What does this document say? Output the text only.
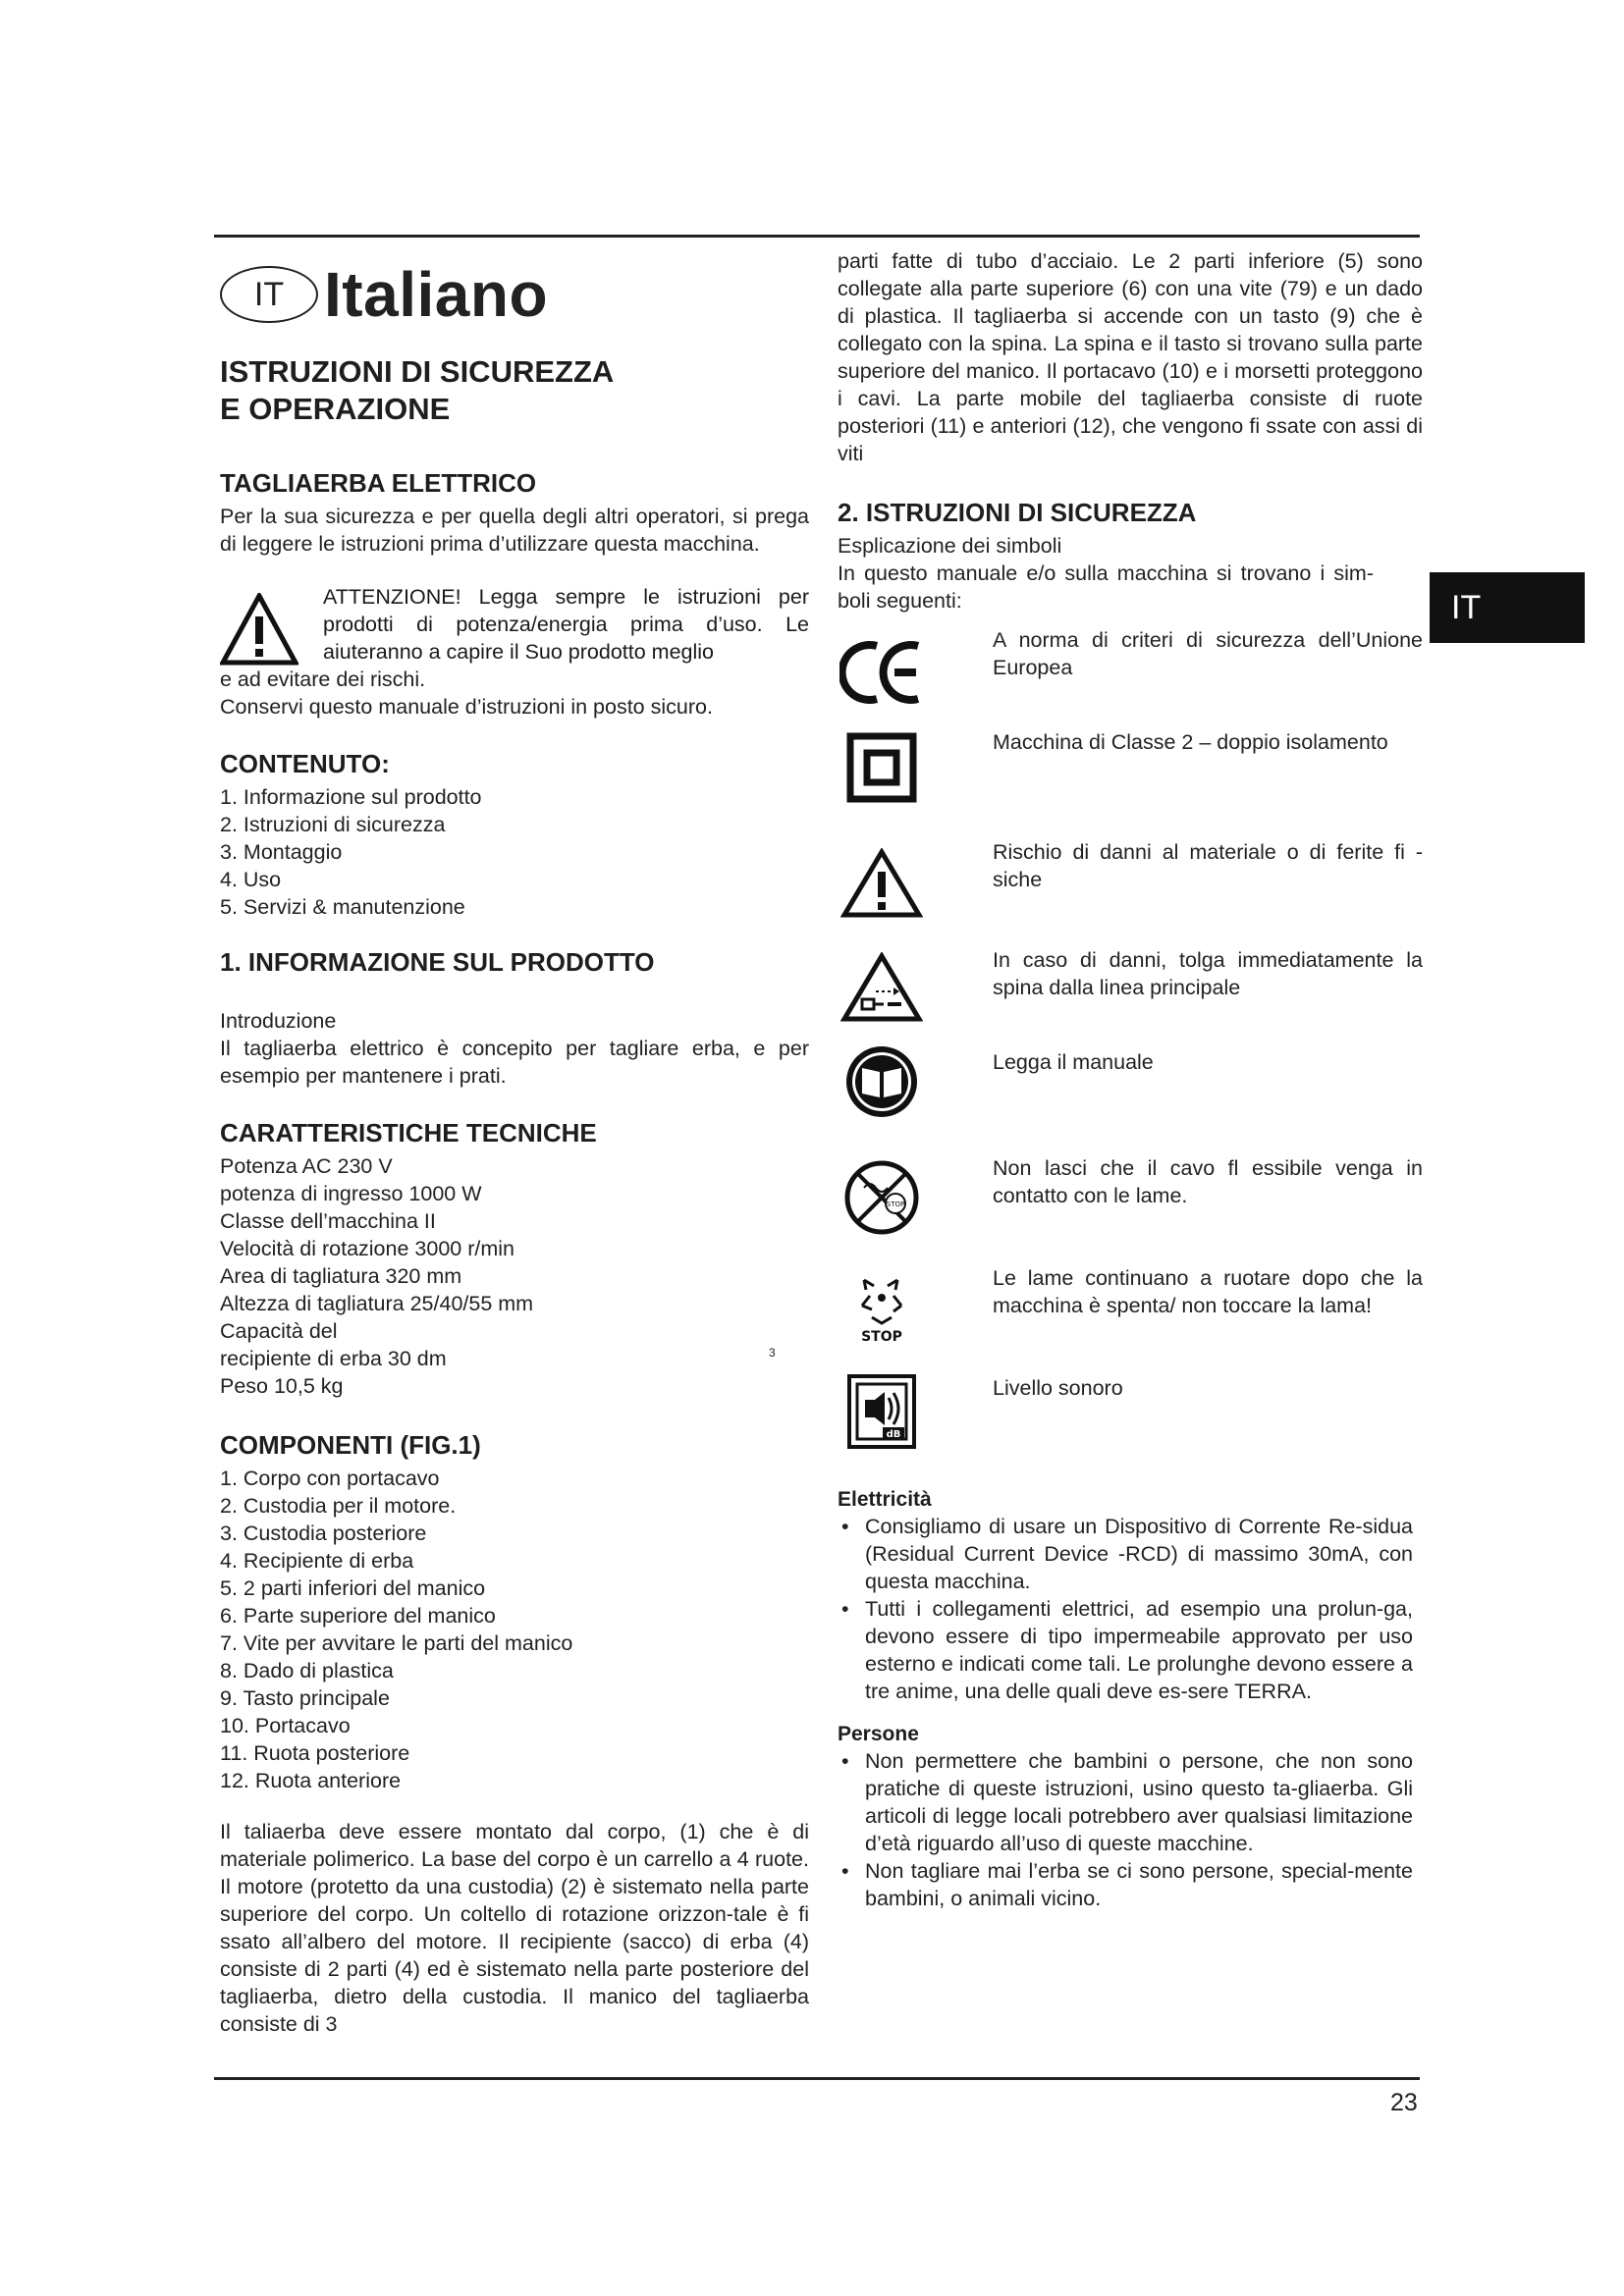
IT Italiano
ISTRUZIONI DI SICUREZZA
E OPERAZIONE
TAGLIAERBA ELETTRICO

Per la sua sicurezza e per quella degli altri operatori, si prega di leggere le istruzioni prima d’utilizzare questa macchina.

ATTENZIONE! Legga sempre le istruzioni per prodotti di potenza/energia prima d’uso. Le aiuteranno a capire il Suo prodotto meglio

e ad evitare dei rischi.

Conservi questo manuale d’istruzioni in posto sicuro.

CONTENUTO:
1. Informazione sul prodotto
2. Istruzioni di sicurezza
3. Montaggio
4. Uso
5. Servizi & manutenzione
1. INFORMAZIONE SUL PRODOTTO

Introduzione

Il tagliaerba elettrico è concepito per tagliare erba, e per esempio per mantenere i prati.

CARATTERISTICHE TECNICHE

Potenza AC 230 V

potenza di ingresso 1000 W

Classe dell’macchina II

Velocità di rotazione 3000 r/min

Area di tagliatura 320 mm

Altezza di tagliatura 25/40/55 mm

Capacità del

recipiente di erba 30 dm	3

Peso 10,5 kg

COMPONENTI (FIG.1)
1. Corpo con portacavo
2. Custodia per il motore.
3. Custodia posteriore
4. Recipiente di erba
5. 2 parti inferiori del manico
6. Parte superiore del manico
7. Vite per avvitare le parti del manico
8. Dado di plastica
9. Tasto principale
10. Portacavo
11. Ruota posteriore
12. Ruota anteriore

Il taliaerba deve essere montato dal corpo, (1) che è di materiale polimerico. La base del corpo è un carrello a 4 ruote. Il motore (protetto da una custodia) (2) è sistemato nella parte superiore del corpo. Un coltello di rotazione orizzon-tale è fi ssato all’albero del motore. Il recipiente (sacco) di erba (4) consiste di 2 parti (4) ed è sistemato nella parte posteriore del tagliaerba, dietro della custodia. Il manico del tagliaerba consiste di 3

parti fatte di tubo d’acciaio. Le 2 parti inferiore (5) sono collegate alla parte superiore (6) con una vite (79) e un dado di plastica. Il tagliaerba si accende con un tasto (9) che è collegato con la spina. La spina e il tasto si trovano sulla parte superiore del manico. Il portacavo (10) e i morsetti proteggono i cavi. La parte mobile del tagliaerba consiste di ruote posteriori (11) e anteriori (12), che vengono fi ssate con assi di viti

2. ISTRUZIONI DI SICUREZZA

Esplicazione dei simboli

In questo manuale e/o sulla macchina si trovano i sim-boli seguenti:

A norma di criteri di sicurezza dell’Unione Europea
Macchina di Classe 2 – doppio isolamento
Rischio di danni al materiale o di ferite fi - siche
In caso di danni, tolga immediatamente la spina dalla linea principale
Legga il manuale
STOP
Non lasci che il cavo fl essibile venga in contatto con le lame.
STOP
Le lame continuano a ruotare dopo che la macchina è spenta/ non toccare la lama!
dB
Livello sonoro
Elettricità
• Consigliamo di usare un Dispositivo di Corrente Re-sidua (Residual Current Device -RCD) di massimo 30mA, con questa macchina.
• Tutti i collegamenti elettrici, ad esempio una prolun-ga, devono essere di tipo impermeabile approvato per uso esterno e indicati come tali. Le prolunghe devono essere a tre anime, una delle quali deve es-sere TERRA.
Persone
• Non permettere che bambini o persone, che non sono pratiche di queste istruzioni, usino questo ta-gliaerba. Gli articoli di legge locali potrebbero aver qualsiasi limitazione d’età riguardo all’uso di queste macchine.
• Non tagliare mai l’erba se ci sono persone, special-mente bambini, o animali vicino.
IT
23
